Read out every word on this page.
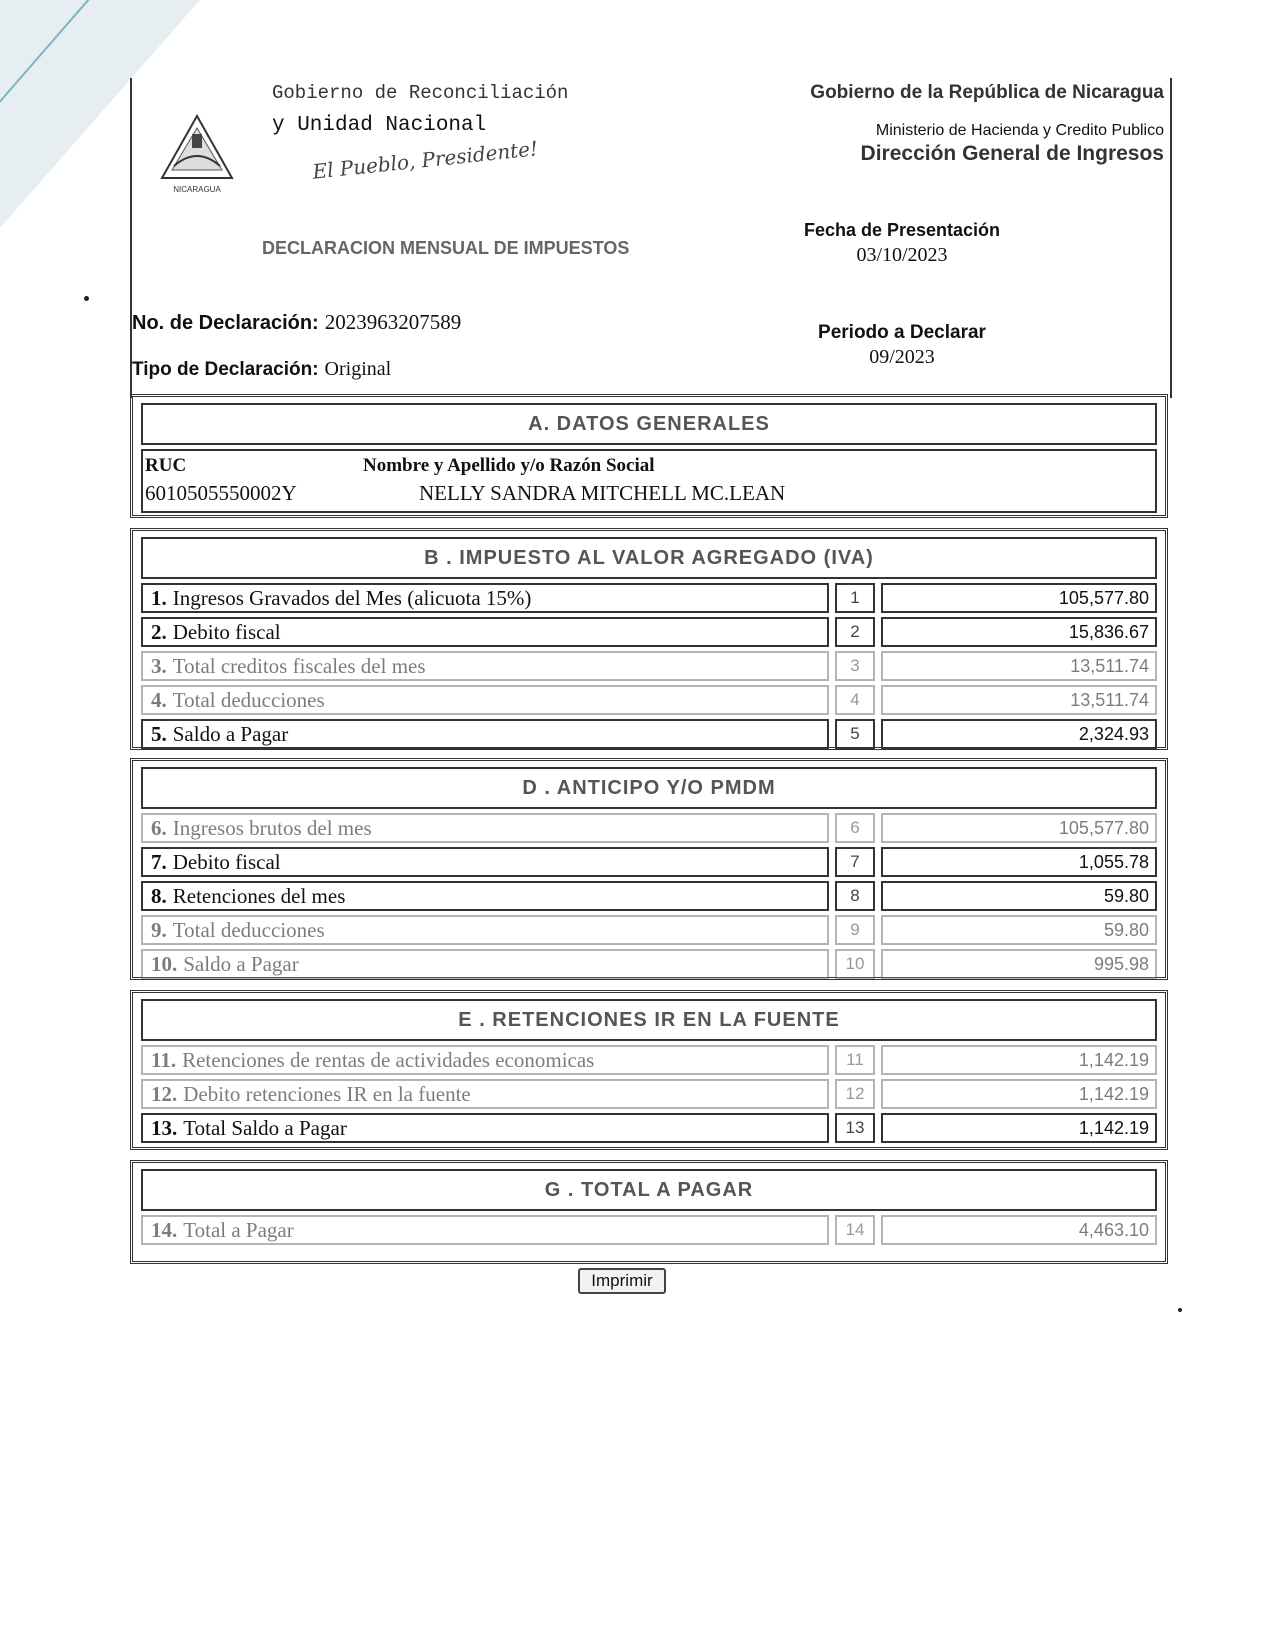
NICARAGUA
Gobierno de Reconciliación
y Unidad Nacional
El Pueblo, Presidente!
Gobierno de la República de Nicaragua
Ministerio de Hacienda y Credito Publico
Dirección General de Ingresos
DECLARACION MENSUAL DE IMPUESTOS
Fecha de Presentación
03/10/2023
No. de Declaración: 2023963207589	Periodo a Declarar
09/2023
Tipo de Declaración: Original
A. DATOS GENERALES
RUC	Nombre y Apellido y/o Razón Social
6010505550002Y	NELLY SANDRA MITCHELL MC.LEAN
B . IMPUESTO AL VALOR AGREGADO (IVA)
1. Ingresos Gravados del Mes (alicuota 15%)	1	105,577.80
2. Debito fiscal	2	15,836.67
3. Total creditos fiscales del mes	3	13,511.74
4. Total deducciones	4	13,511.74
5. Saldo a Pagar	5	2,324.93
D . ANTICIPO Y/O PMDM
6. Ingresos brutos del mes	6	105,577.80
7. Debito fiscal	7	1,055.78
8. Retenciones del mes	8	59.80
9. Total deducciones	9	59.80
10. Saldo a Pagar	10	995.98
E . RETENCIONES IR EN LA FUENTE
11. Retenciones de rentas de actividades economicas	11	1,142.19
12. Debito retenciones IR en la fuente	12	1,142.19
13. Total Saldo a Pagar	13	1,142.19
G . TOTAL A PAGAR
14. Total a Pagar	14	4,463.10
Imprimir
